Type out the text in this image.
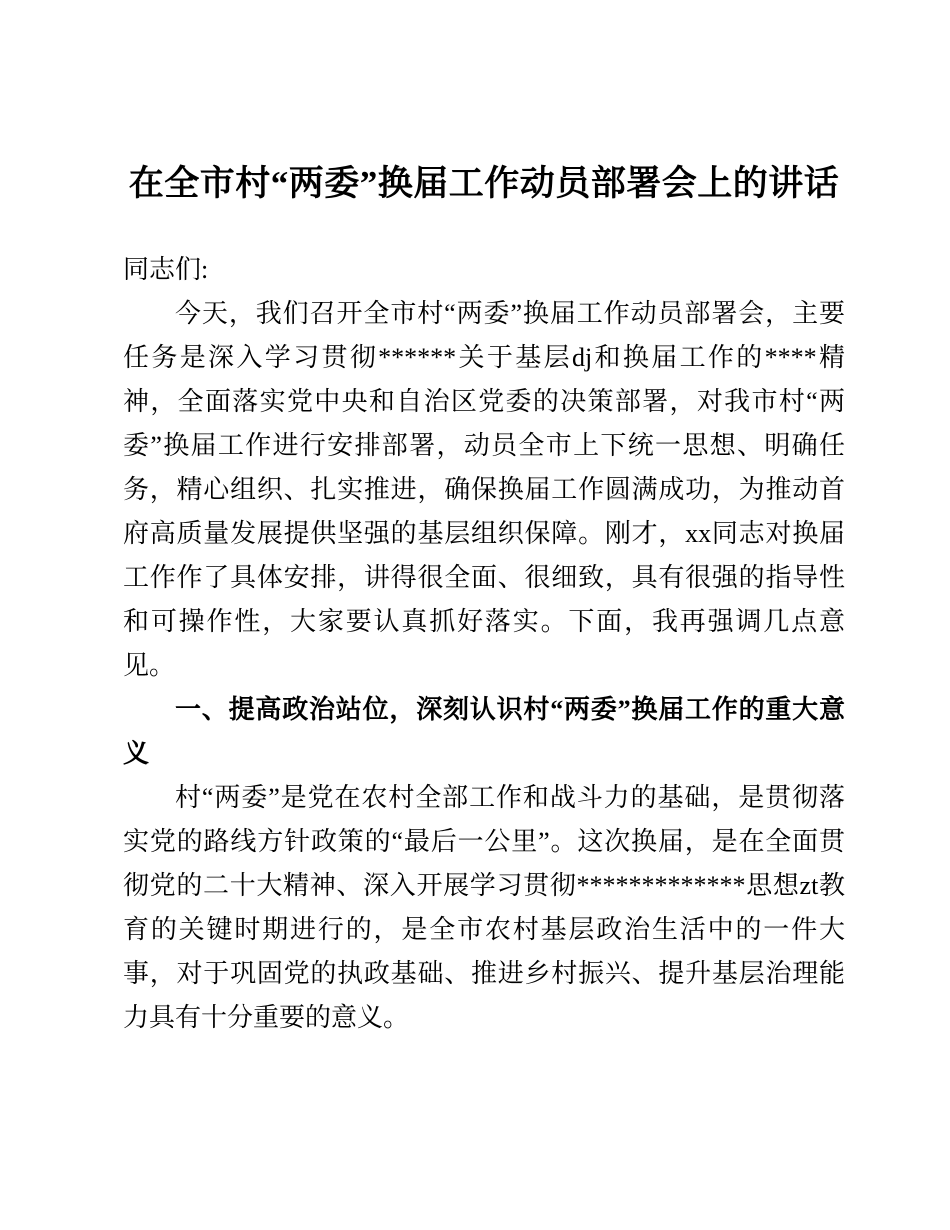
在全市村“两委”换届工作动员部署会上的讲话

同志们:

今天，我们召开全市村“两委”换届工作动员部署会，主要任务是深入学习贯彻******关于基层dj和换届工作的****精神，全面落实党中央和自治区党委的决策部署，对我市村“两委”换届工作进行安排部署，动员全市上下统一思想、明确任务，精心组织、扎实推进，确保换届工作圆满成功，为推动首府高质量发展提供坚强的基层组织保障。刚才，xx同志对换届工作作了具体安排，讲得很全面、很细致，具有很强的指导性和可操作性，大家要认真抓好落实。下面，我再强调几点意见。

一、提高政治站位，深刻认识村“两委”换届工作的重大意义

村“两委”是党在农村全部工作和战斗力的基础，是贯彻落实党的路线方针政策的“最后一公里”。这次换届，是在全面贯彻党的二十大精神、深入开展学习贯彻*************思想zt教育的关键时期进行的，是全市农村基层政治生活中的一件大事，对于巩固党的执政基础、推进乡村振兴、提升基层治理能力具有十分重要的意义。
